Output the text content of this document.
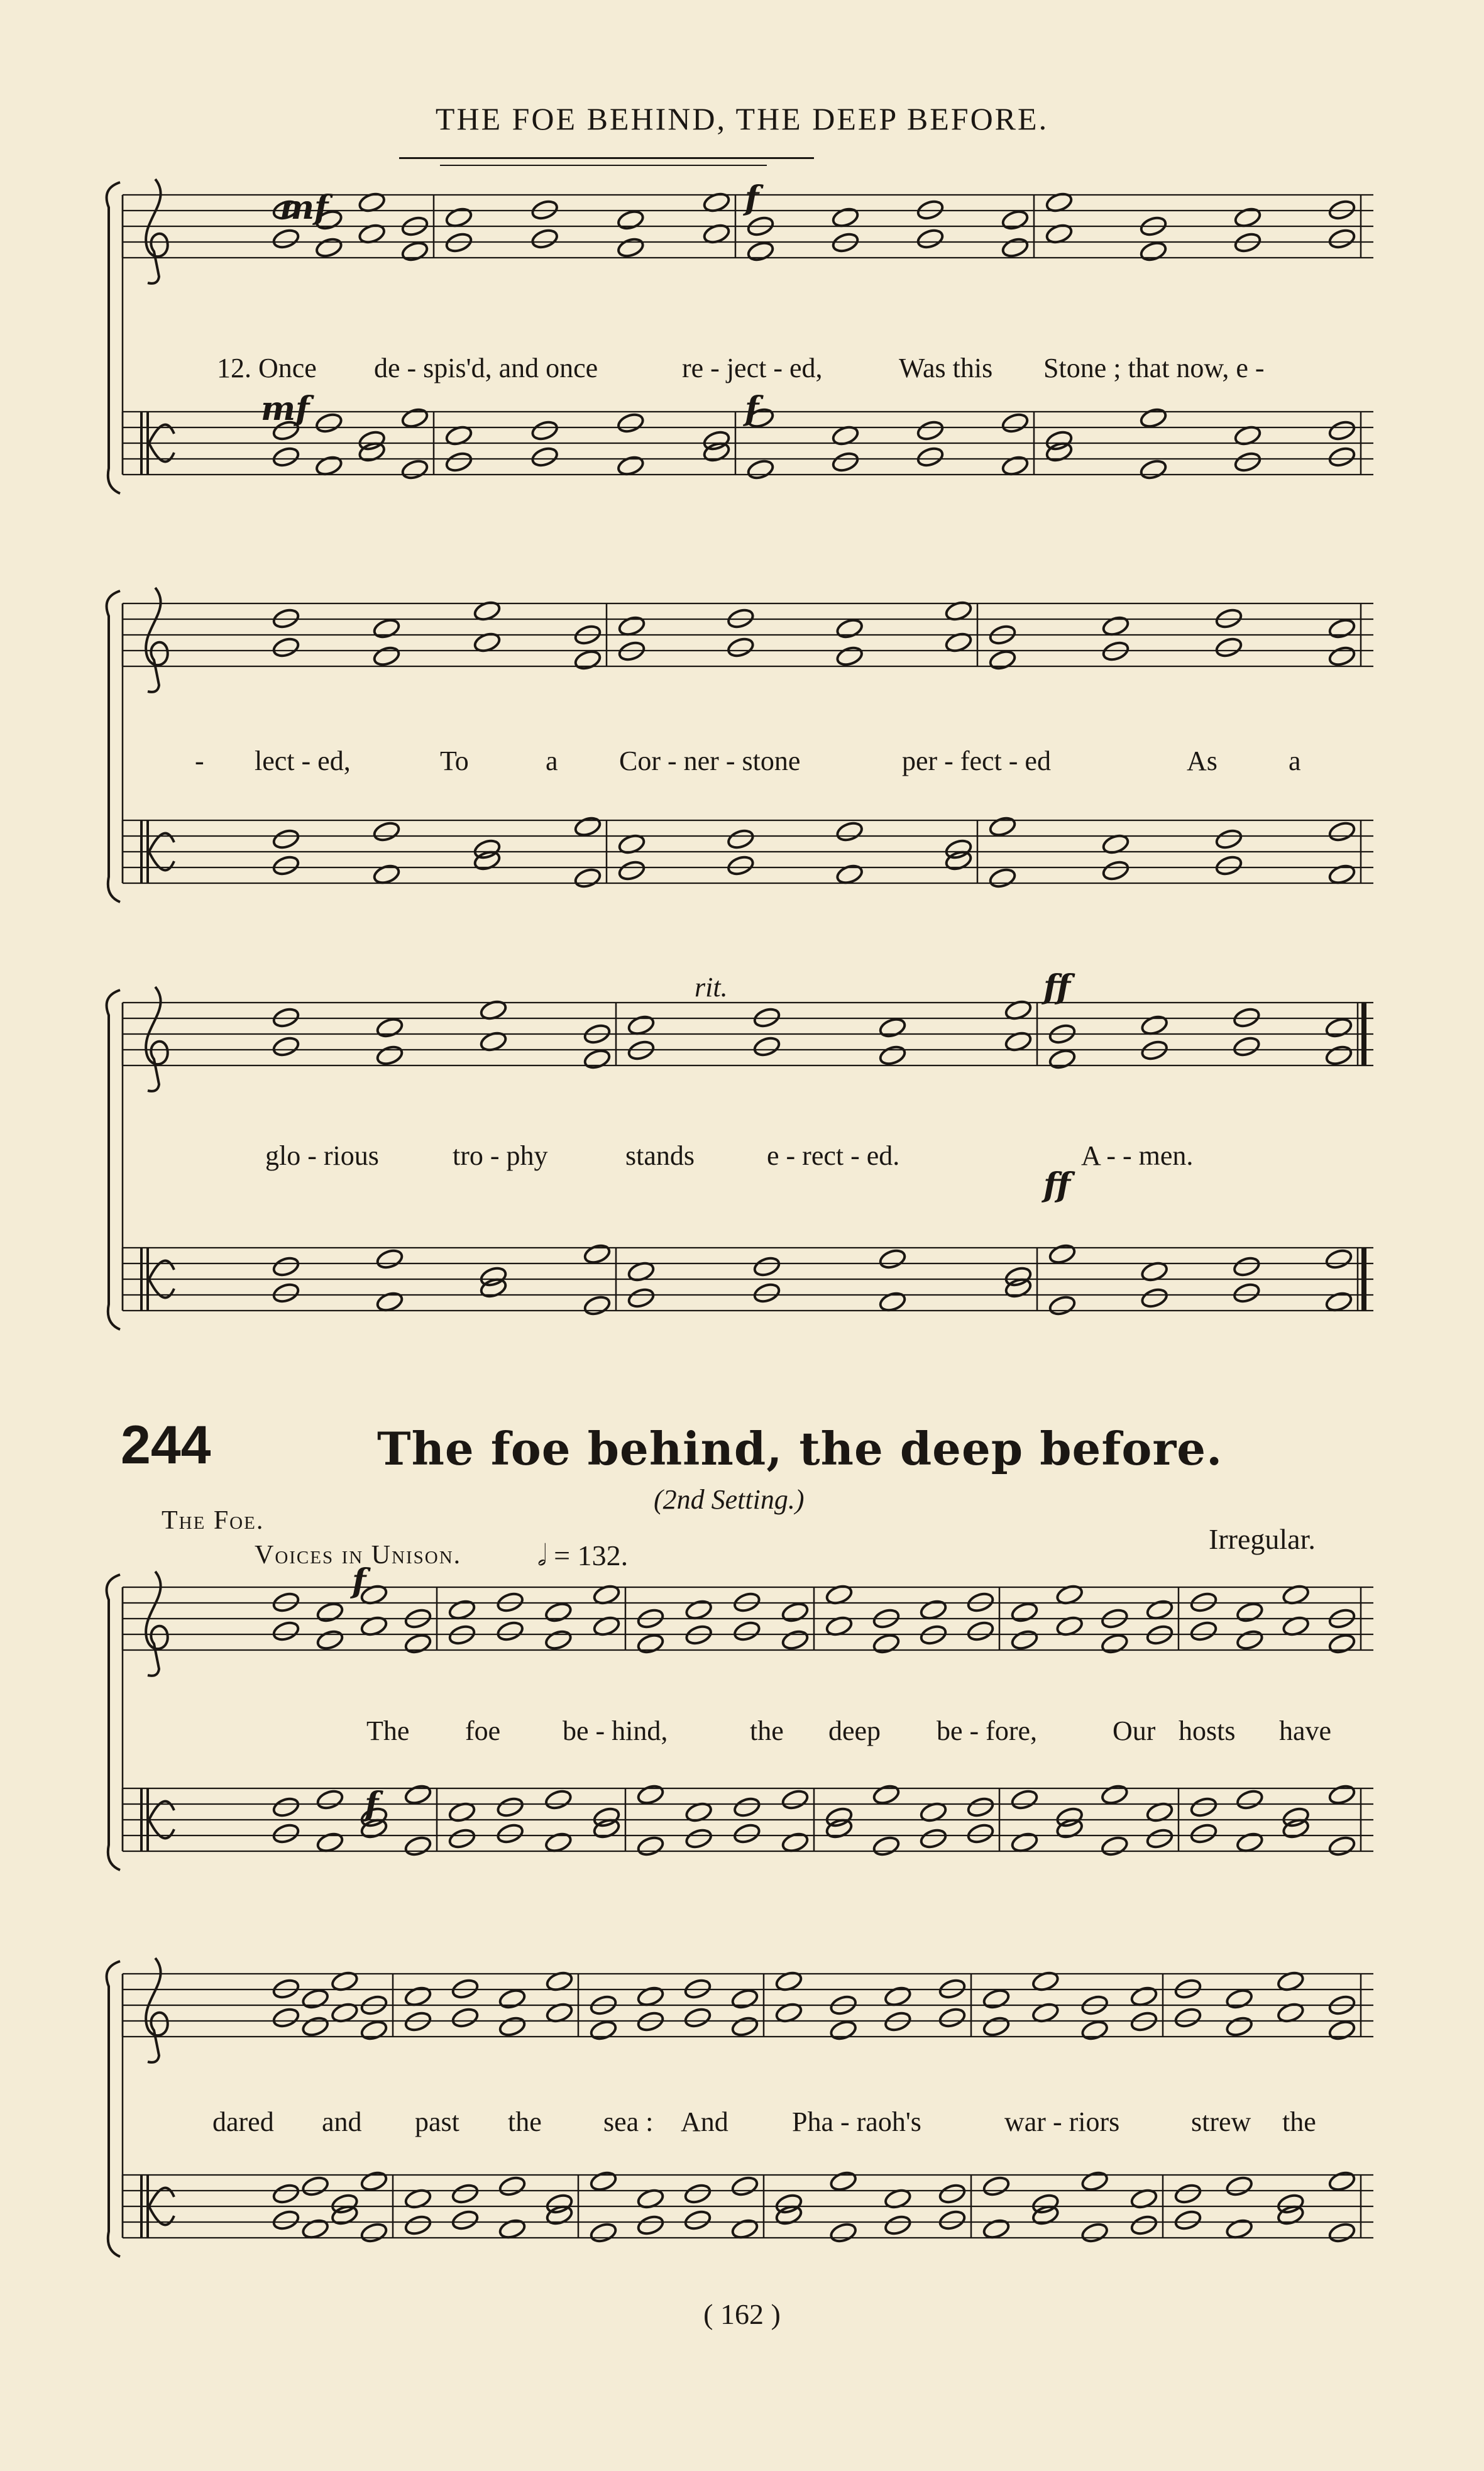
THE FOE BEHIND, THE DEEP BEFORE.
mf	f
mf	f
rit.	ff
ff
12. Once de - spis'd, and once	re - ject - ed,	Was this Stone ; that now, e -
- lect - ed,	To	a Cor - ner - stone	per - fect - ed	As	a
glo - rious	tro - phy	stands	e - rect - ed.	A - - men.
244	The foe behind, the deep before.
(2nd Setting.)
The Foe.
Voices in Unison.	𝅗𝅥 = 132.
Irregular.
f
f
The foe be - hind,	the deep be - fore,	Our hosts have
dared and past the sea : And Pha - raoh's	war - riors	strew the
( 162 )
